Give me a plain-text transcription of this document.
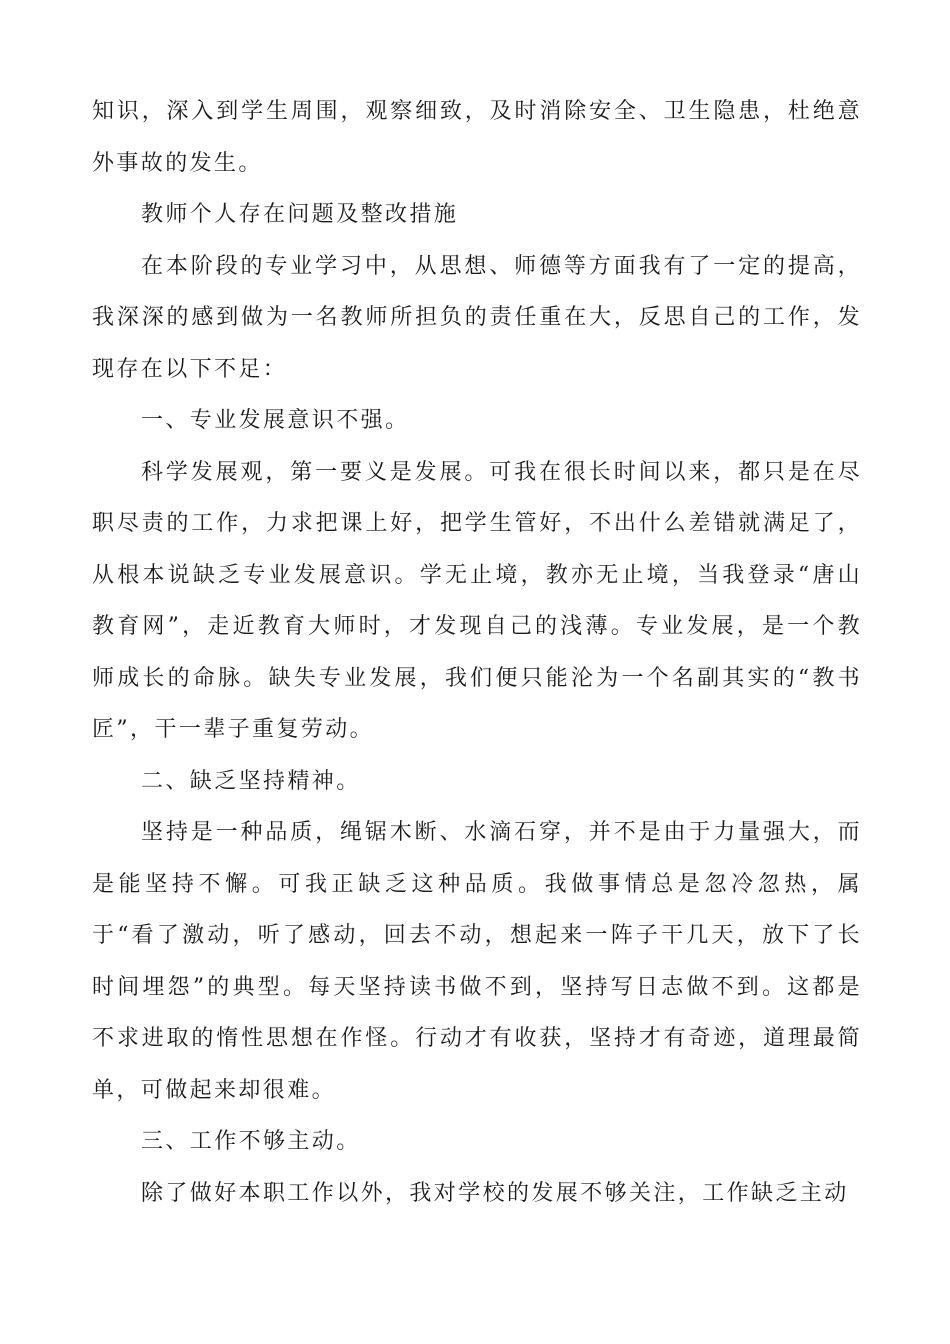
知识，深入到学生周围，观察细致，及时消除安全、卫生隐患，杜绝意外事故的发生。

教师个人存在问题及整改措施

在本阶段的专业学习中，从思想、师德等方面我有了一定的提高，我深深的感到做为一名教师所担负的责任重在大，反思自己的工作，发现存在以下不足：

一、专业发展意识不强。

科学发展观，第一要义是发展。可我在很长时间以来，都只是在尽职尽责的工作，力求把课上好，把学生管好，不出什么差错就满足了，从根本说缺乏专业发展意识。学无止境，教亦无止境，当我登录“唐山教育网”，走近教育大师时，才发现自己的浅薄。专业发展，是一个教师成长的命脉。缺失专业发展，我们便只能沦为一个名副其实的“教书匠”，干一辈子重复劳动。

二、缺乏坚持精神。

坚持是一种品质，绳锯木断、水滴石穿，并不是由于力量强大，而是能坚持不懈。可我正缺乏这种品质。我做事情总是忽冷忽热，属于“看了激动，听了感动，回去不动，想起来一阵子干几天，放下了长时间埋怨”的典型。每天坚持读书做不到，坚持写日志做不到。这都是不求进取的惰性思想在作怪。行动才有收获，坚持才有奇迹，道理最简单，可做起来却很难。

三、工作不够主动。

除了做好本职工作以外，我对学校的发展不够关注，工作缺乏主动
